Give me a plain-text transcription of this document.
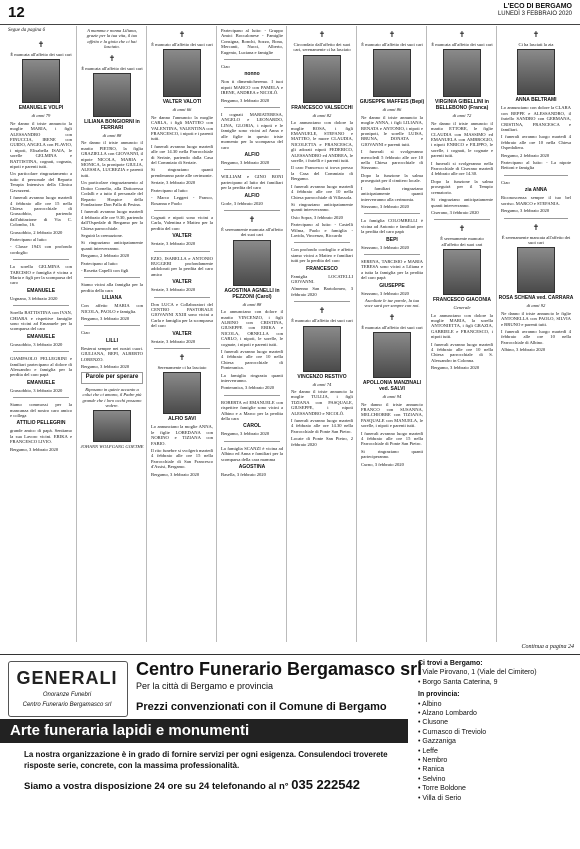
12	L'ECO DI BERGAMO
LUNEDÌ 3 FEBBRAIO 2020
Segue da pagina 6
✝
È mancata all'affetto dei suoi cari
EMANUELE VOLPI
di anni 79
Ne danno il triste annuncio la moglie MARIA, i figli ALESSANDRO con FINUCCIA, IRENE con GUIDO, ANGELA con FLAVIO, i nipoti, Elisabella ISAIA, le sorelle GELMINA e BATTISTINA, cognati, cognata, nipoti e parenti tutti.
Un particolare ringraziamento a tutto il personale del Reparto Terapia Intensiva della Clinica Gavazzeni.
I funerali avranno luogo martedì 4 febbraio alle ore 15 nella Chiesa parrocchiale di Grassobbio, partendo dall'abitazione di Via C. Colombo, 16.
Grassobbio, 2 febbraio 2020
Partecipano al lutto:
- Classe 1943 con profondo cordoglio
La sorella GELMINA con TARCISIO e famiglia è vicina a Maria e figli per la scomparsa del caro
EMANUELE
Urgnano, 3 febbraio 2020
Sorella BATTISTINA con IVAN, CHIARA e rispettive famiglie sono vicini ad Emanuele per la scomparsa del caro
EMANUELE
Grassobbio, 3 febbraio 2020
GIAMPAOLO PELLEGRINI e familiari partecipano al dolore di Alessandro e famiglia per la perdita del caro papà
EMANUELE
Grassobbio, 3 febbraio 2020
Siamo commossi per la mancanza del nostro caro amico e collega
ATTILIO PELLEGRIN
grande amico di papà. Sentiamo la sua Lavoro vicini. ERIKA e FRANCESCO LIVIO.
Bergamo, 3 febbraio 2020
A mamma e nonna Liliana, grazie per la tua vita, il tuo affetto e la gioia che ci hai lasciato.
✝
È mancata all'affetto dei suoi cari
LILIANA BONGIORNI in FERRARI
di anni 88
Ne danno il triste annuncio il marito PIETRO, la figlia GRAZIELLA con GIOVANNI, il nipote NICOLA, MARIA e MONICA, la pronipote GIULIA, ALESSIA, LUCREZIA e parenti tutti.
Un particolare ringraziamento al Dottor Cornelio, alla Dottoressa Codalli e a tutto il personale del Reparto Hospice della Fondazione Don Palla di Pesina.
I funerali avranno luogo martedì 4 febbraio alle ore 9.30, partendo dall'Ospedale di Bergamo per la Chiesa parrocchiale.
Seguirà la cremazione.
Si ringraziano anticipatamente quanti interverranno.
Bergamo, 2 febbraio 2020
Partecipano al lutto:
- Rosetta Capelli con figli
Siamo vicini alla famiglia per la perdita della cara
LILIANA
Con affetto MARIA con NICOLA, PAOLO e famiglia.
Bergamo, 3 febbraio 2020
Ciao
LILLI
Resterai sempre nei nostri cuori. GIULIANA, BEPI, ALBERTO LORENZO.
Bergamo, 3 febbraio 2020
Parole per sperare
Riposano in quiete accanto a colui che ci amano, il Padre più grande che i loro occhi possano vedere.
JOHANN WOLFGANG GOETHE
✝
È mancato all'affetto dei suoi cari
VALTER VALOTI
di anni 66
Ne danno l'annuncio la moglie CARLA, i figli MATTEO con VALENTINA, VALENTINA con FRANCESCO, i nipoti e i parenti tutti.
I funerali avranno luogo martedì alle ore 14.30 nella Parrocchiale di Seriate, partendo dalla Casa del Commiato di Seriate.
Si ringraziano quanti prenderanno parte alle cerimonie.
Seriate, 3 febbraio 2020
Partecipano al lutto:
- Marco Leggeri - Franco, Rosanna e Paolo
Cognati e nipoti sono vicini a Carla, Valentina e Matteo per la perdita del caro
VALTER
Seriate, 3 febbraio 2020
EZIO, ISABELLA e ANTONIO RUGGERI profondamente addolorati per la perdita del caro amico
VALTER
Seriate, 3 febbraio 2020
Don LUCA e Collaboratori del CENTRO PASTORALE GIOVANNI XXIII sono vicini a Carla e famiglia per la scomparsa del caro
VALTER
Seriate, 3 febbraio 2020
✝
Serenamente ci ha lasciato
ALFIO SAVI
Lo annunciano la moglie ANNA, le figlie LOREDANA con NORINO e TIZIANA con FABIO.
Il rito funebre si svolgerà martedì 4 febbraio alle ore 15 nella Parrocchiale di San Francesco d'Assisi, Bergamo.
Bergamo, 3 febbraio 2020
Partecipano al lutto: - Gruppo Amici Boccalonese - Famiglie Consigna, Ronchi, Sozzo, Bona, Mercanti, Nucci, Alberto, Eugenio, Luciana e famiglie
Ciao
nonno
Non ti dimenticheremo. I tuoi nipoti MARCO con PAMELA e IRENE, ANDREA e NICOLÒ.
Bergamo, 3 febbraio 2020
I cognati MARIATERESA, ANGELO e LEONARDO, LINA, GLORIA, i nipoti e le famiglie sono vicini ad Anna e alle figlie in questo triste momento per la scomparsa del caro
ALFIO
Bergamo, 3 febbraio 2020
WILLIAM e GINO BONI partecipano al lutto dei familiari per la perdita del caro
ALFIO
Gorle, 3 febbraio 2020
✝
È serenamente mancata all'affetto dei suoi cari
AGOSTINA AGNELLI in PEZZONI (Carol)
di anni 88
Lo annunciano con dolore il marito VINCENZO, i figli ALBINO con CRISTINA, GIUSEPPE con ERIKA e NICOLA, ORNELLA con CARLO, i nipoti, le sorelle, le cognate, i nipoti e parenti tutti.
I funerali avranno luogo martedì 4 febbraio alle ore 10 nella Chiesa parrocchiale di Ponteranica.
La famiglia ringrazia quanti interverranno.
Ponteranica, 3 febbraio 2020
ROBERTA ed EMANUELE con rispettive famiglie sono vicini a Albino e a Marco per la perdita della cara
CAROL
Bergamo, 3 febbraio 2020
La famiglia SCANZI è vicina ad Albino ed Anna e familiari per la scomparsa della cara mamma
AGOSTINA
Basella, 3 febbraio 2020
✝
Circondato dall'affetto dei suoi cari, serenamente ci ha lasciato
FRANCESCO VALSECCHI
di anni 82
Lo annunciano con dolore la moglie ROSA, i figli EMANUELE, STEFANO e MATTEO, le nuore CLAUDIA, NICOLETTA e FRANCESCA, gli adorati nipoti FEDERICO, ALESSANDRO ed ANDREA, le sorelle, i fratelli e i parenti tutti.
Il caro Francesco si trova presso la Casa del Commiato di Bergamo.
I funerali avranno luogo martedì 4 febbraio alle ore 10 nella Chiesa parrocchiale di Villassola.
Si ringraziano anticipatamente quanti interverranno.
Osio Sopra, 3 febbraio 2020
Partecipano al lutto: - Castelli Wilma, Paolo e famiglia - Lavida, Vincenzo, Riccardo
Con profondo cordoglio e affetto siamo vicini a Matteo e familiari tutti per la perdita del caro
FRANCESCO
Famiglia LOCATELLI GIOVANNI.
Almenno San Bartolomeo, 3 febbraio 2020
✝
È mancato all'affetto dei suoi cari
VINCENZO RESTIVO
di anni 74
Ne danno il triste annuncio la moglie TULLIA, i figli TIZIANA con PASQUALE, GIUSEPPE, i nipoti ALESSANDRO e NICOLÒ.
I funerali avranno luogo martedì 4 febbraio alle ore 14.30 nella Parrocchiale di Ponte San Pietro.
Locate di Ponte San Pietro, 2 febbraio 2020
✝
È mancato all'affetto dei suoi cari
GIUSEPPE MAFFEIS (Bepi)
di anni 86
Ne danno il triste annuncio la moglie ANNA, i figli LILIANA, RENATA e ANTONIO, i nipoti e pronipoti, le sorelle LUISA, BRUNA, DONATA e GIOVANNI e parenti tutti.
I funerali si svolgeranno mercoledì 5 febbraio alle ore 10 nella Chiesa parrocchiale di Stezzano.
Dopo la funzione la salma proseguirà per il cimitero locale.
I familiari ringraziano anticipatamente quanti interverranno alla cerimonia.
Stezzano, 3 febbraio 2020
La famiglia COLOMBELLI è vicina ad Antonio e familiari per la perdita del caro papà
BEPI
Stezzano, 3 febbraio 2020
SERENA, TARCISIO e MARIA TERESA sono vicini a Liliana e a tutta la famiglia per la perdita del caro papà
GIUSEPPE
Stezzano, 3 febbraio 2020
Ascoltate le tue parole, la tua voce sarà per sempre con noi.
✝
È mancata all'affetto dei suoi cari
APOLLONIA MANZINALI ved. SALVI
di anni 94
Ne danno il triste annuncio FRANCO con SUSANNA, MELCHIORRE con TIZIANA, PASQUALE con MANUELA, le sorelle, i nipoti e parenti tutti.
I funerali avranno luogo martedì 4 febbraio alle ore 15 nella Parrocchiale di Ponte San Pietro.
Si ringraziano quanti parteciperanno.
Curno, 3 febbraio 2020
✝
È mancata all'affetto dei suoi cari
VIRGINIA GIBELLINI in BELLEBONO (Franca)
di anni 72
Ne danno il triste annuncio il marito ETTORE, le figlie CLAUDIA con MASSIMO ed EMANUELA con AMBROGIO, i nipoti ENRICO e FILIPPO, le sorelle, i cognati, le cognate e parenti tutti.
I funerali si svolgeranno nella Parrocchiale di Ciserano martedì 4 febbraio alle ore 14.30.
Dopo la funzione la salma proseguirà per il Tempio crematorio.
Si ringraziano anticipatamente quanti interverranno.
Ciserano, 3 febbraio 2020
✝
È serenamente mancato all'affetto dei suoi cari
FRANCESCO GIACONIA
Generale
Lo annunciano con dolore la moglie MARIA, la sorella ANTONIETTA, i figli GRAZIA, GABRIELE e FRANCESCO, i nipoti tutti.
I funerali avranno luogo martedì 4 febbraio alle ore 10 nella Chiesa parrocchiale di S. Alessandro in Colonna.
Bergamo, 3 febbraio 2020
✝
Ci ha lasciati la zia
ANNA BELTRAMI
Lo annunciano con dolore la CLARA con BEPPE e ALESSANDRO, il fratello SANDRO con GERMANA, CRISTINA, FRANCESCA e familiari.
I funerali avranno luogo martedì 4 febbraio alle ore 10 nella Chiesa Ospedaliera.
Bergamo, 2 febbraio 2020
Partecipano al lutto: - La nipote Bettoni e famiglia
Ciao
zia ANNA
Riconoscenza sempre il tuo bel sorriso. MARCO e STEFANIA.
Bergamo, 3 febbraio 2020
✝
È serenamente mancata all'affetto dei suoi cari
ROSA SCHENA ved. CARRARA
di anni 92
Ne danno il triste annuncio le figlie ANTONELLA con PAOLO, SILVIA e BRUNO e parenti tutti.
I funerali avranno luogo martedì 4 febbraio alle ore 10 nella Parrocchiale di Albino.
Albino, 3 febbraio 2020
Continua a pagina 24
GENERALI
Onoranze Funebri
Centro Funerario Bergamasco srl
Centro Funerario Bergamasco srl
Per la città di Bergamo e provincia
Prezzi convenzionati con il Comune di Bergamo
Arte funeraria lapidi e monumenti
La nostra organizzazione è in grado di fornire servizi per ogni esigenza. Consulendoci troverete risposte serie, concrete, con la massima professionalità.
Siamo a vostra disposizione 24 ore su 24 telefonando al n° 035 222542
Ci trovi a Bergamo:
• Viale Pirovano, 1 (Viale del Cimitero)
• Borgo Santa Caterina, 9
In provincia:
• Albino
• Alzano Lombardo
• Clusone
• Curnasco di Treviolo
• Gazzaniga
• Leffe
• Nembro
• Ranica
• Selvino
• Torre Boldone
• Villa di Serio
